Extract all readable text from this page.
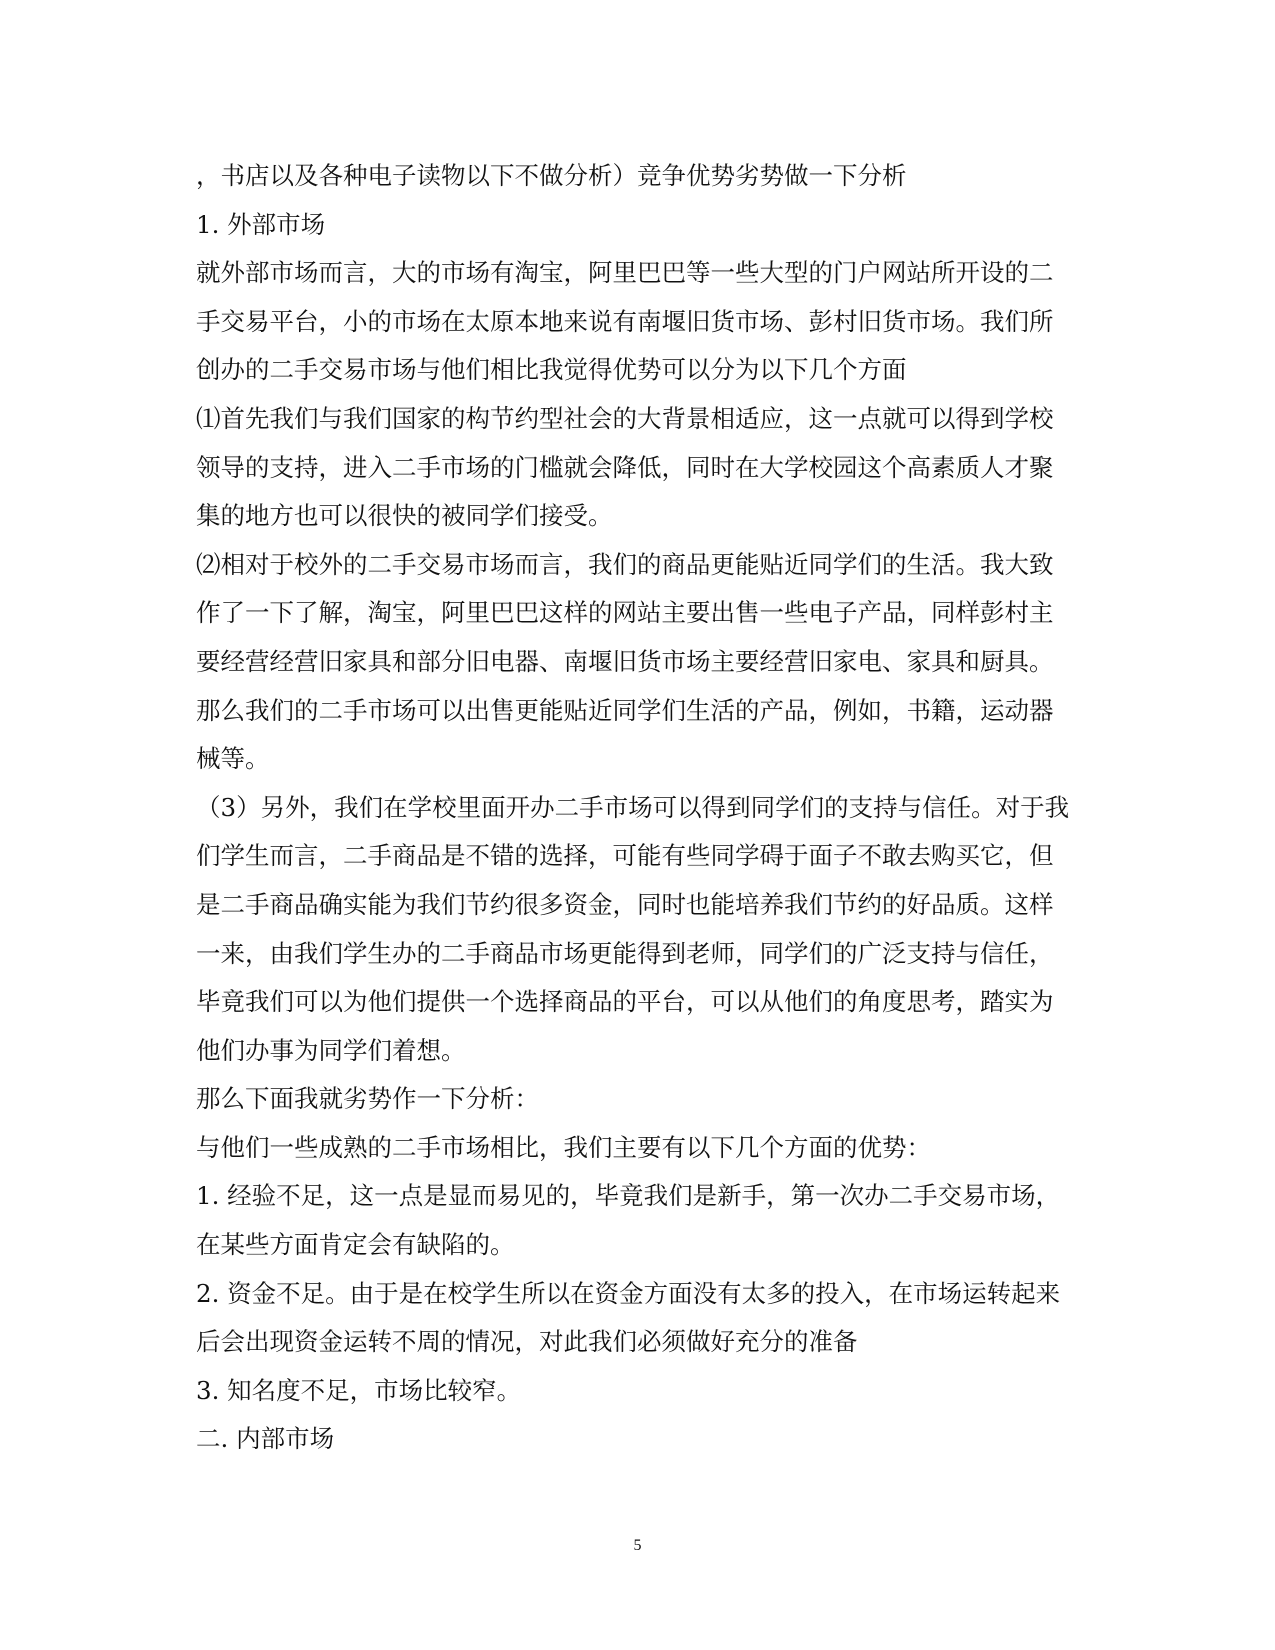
，书店以及各种电子读物以下不做分析）竞争优势劣势做一下分析
1. 外部市场
就外部市场而言，大的市场有淘宝，阿里巴巴等一些大型的门户网站所开设的二
手交易平台，小的市场在太原本地来说有南堰旧货市场、彭村旧货市场。我们所
创办的二手交易市场与他们相比我觉得优势可以分为以下几个方面
⑴首先我们与我们国家的构节约型社会的大背景相适应，这一点就可以得到学校
领导的支持，进入二手市场的门槛就会降低，同时在大学校园这个高素质人才聚
集的地方也可以很快的被同学们接受。
⑵相对于校外的二手交易市场而言，我们的商品更能贴近同学们的生活。我大致
作了一下了解，淘宝，阿里巴巴这样的网站主要出售一些电子产品，同样彭村主
要经营经营旧家具和部分旧电器、南堰旧货市场主要经营旧家电、家具和厨具。
那么我们的二手市场可以出售更能贴近同学们生活的产品，例如，书籍，运动器
械等。
（3）另外，我们在学校里面开办二手市场可以得到同学们的支持与信任。对于我
们学生而言，二手商品是不错的选择，可能有些同学碍于面子不敢去购买它，但
是二手商品确实能为我们节约很多资金，同时也能培养我们节约的好品质。这样
一来，由我们学生办的二手商品市场更能得到老师，同学们的广泛支持与信任，
毕竟我们可以为他们提供一个选择商品的平台，可以从他们的角度思考，踏实为
他们办事为同学们着想。
那么下面我就劣势作一下分析：
与他们一些成熟的二手市场相比，我们主要有以下几个方面的优势：
1. 经验不足，这一点是显而易见的，毕竟我们是新手，第一次办二手交易市场，
在某些方面肯定会有缺陷的。
2. 资金不足。由于是在校学生所以在资金方面没有太多的投入，在市场运转起来
后会出现资金运转不周的情况，对此我们必须做好充分的准备
3. 知名度不足，市场比较窄。
二. 内部市场
5
